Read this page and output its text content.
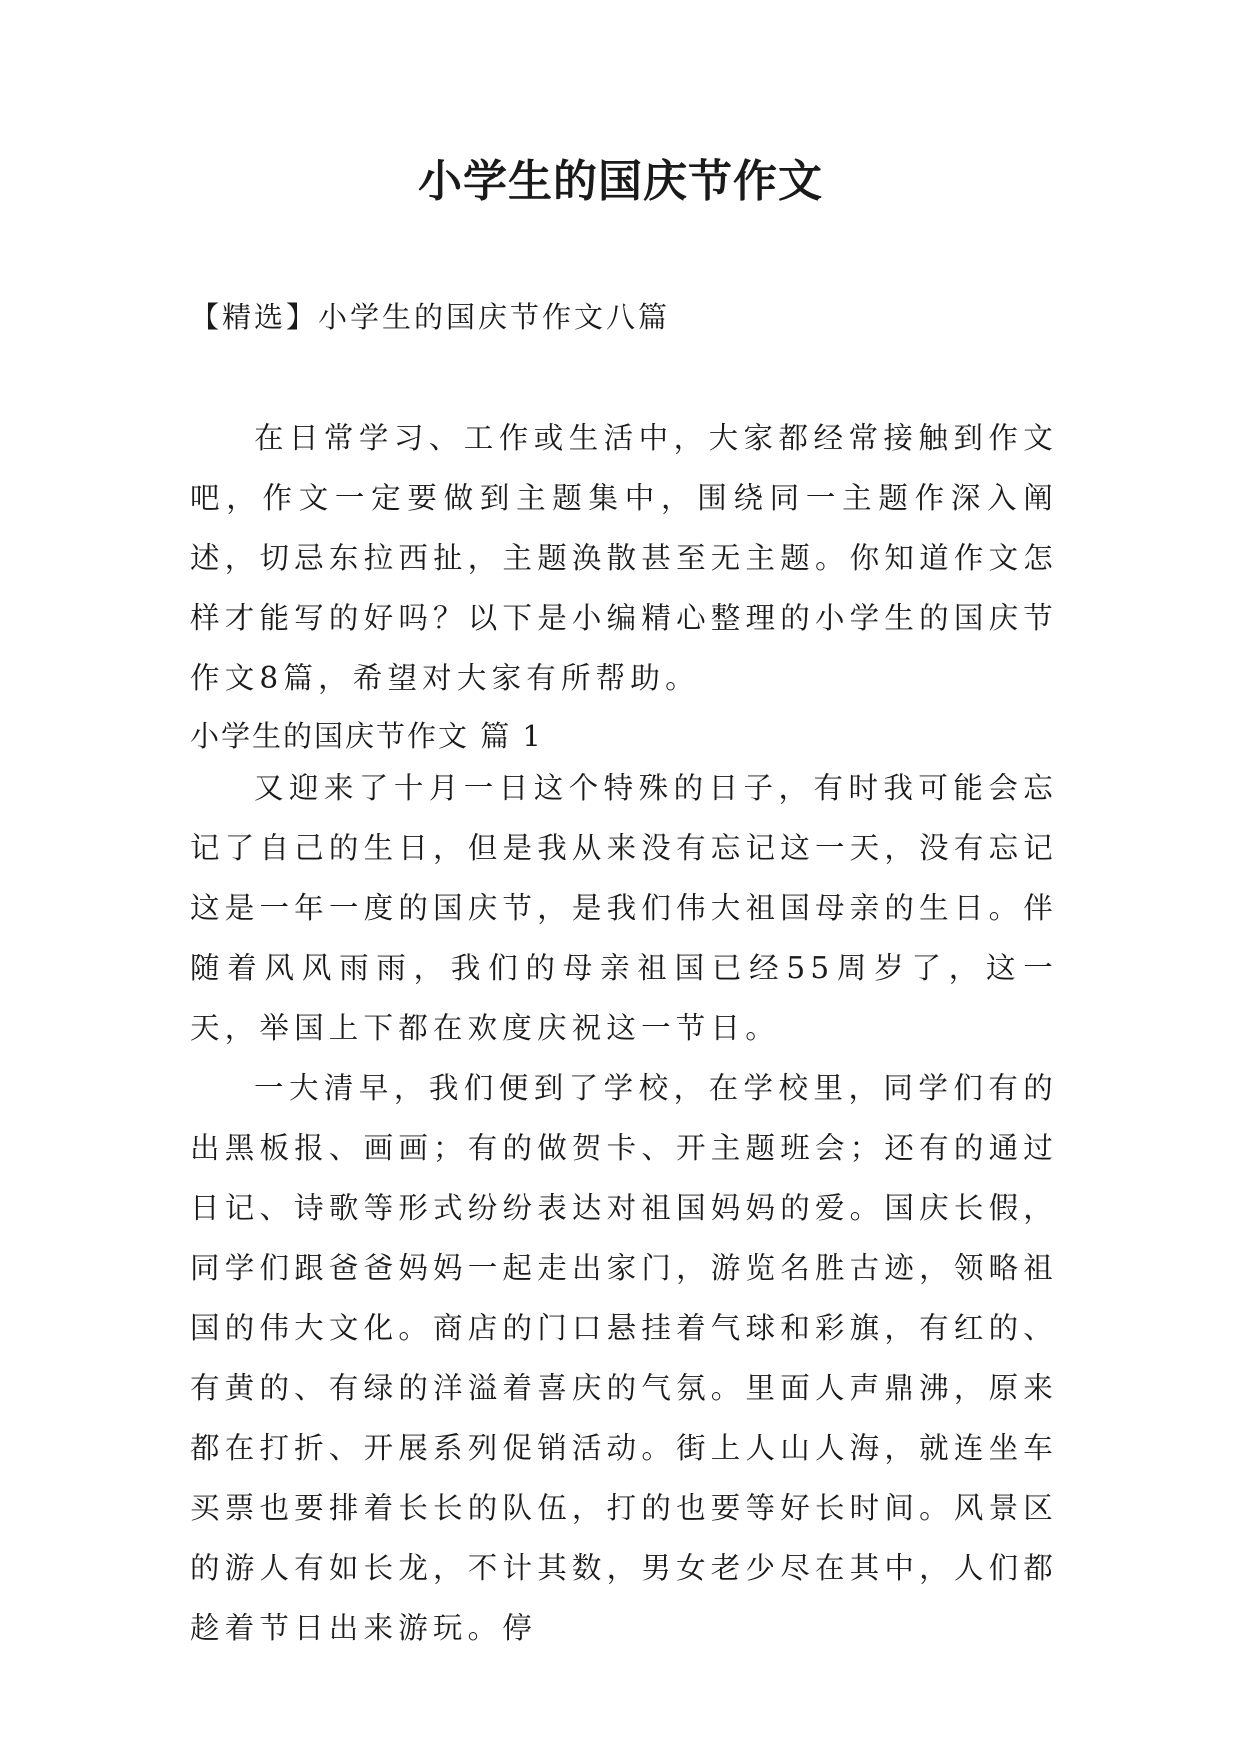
小学生的国庆节作文

【精选】小学生的国庆节作文八篇

在日常学习、工作或生活中，大家都经常接触到作文吧，作文一定要做到主题集中，围绕同一主题作深入阐述，切忌东拉西扯，主题涣散甚至无主题。你知道作文怎样才能写的好吗？以下是小编精心整理的小学生的国庆节作文8篇，希望对大家有所帮助。

小学生的国庆节作文 篇 1

又迎来了十月一日这个特殊的日子，有时我可能会忘记了自己的生日，但是我从来没有忘记这一天，没有忘记这是一年一度的国庆节，是我们伟大祖国母亲的生日。伴随着风风雨雨，我们的母亲祖国已经55周岁了，这一天，举国上下都在欢度庆祝这一节日。

一大清早，我们便到了学校，在学校里，同学们有的出黑板报、画画；有的做贺卡、开主题班会；还有的通过日记、诗歌等形式纷纷表达对祖国妈妈的爱。国庆长假，同学们跟爸爸妈妈一起走出家门，游览名胜古迹，领略祖国的伟大文化。商店的门口悬挂着气球和彩旗，有红的、有黄的、有绿的洋溢着喜庆的气氛。里面人声鼎沸，原来都在打折、开展系列促销活动。街上人山人海，就连坐车买票也要排着长长的队伍，打的也要等好长时间。风景区的游人有如长龙，不计其数，男女老少尽在其中，人们都趁着节日出来游玩。停
